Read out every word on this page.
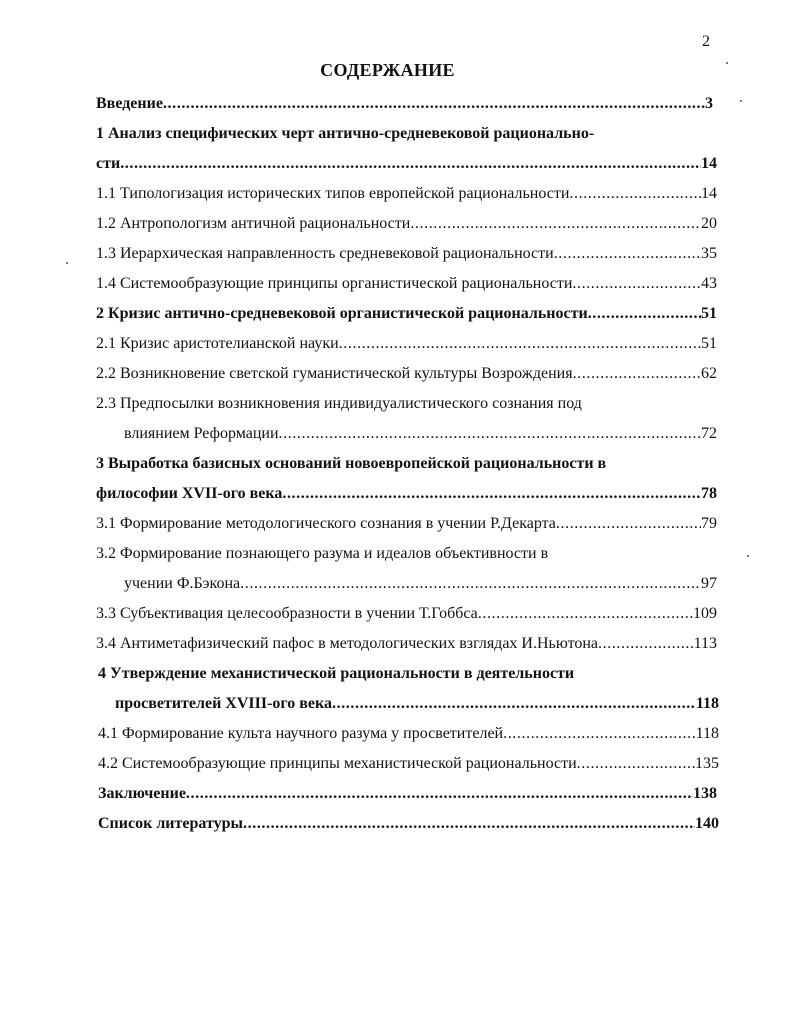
2
СОДЕРЖАНИЕ
Введение .....	3
1 Анализ специфических черт антично-средневековой рационально-
сти .....	14
1.1 Типологизация исторических типов европейской рациональности .....	14
1.2 Антропологизм античной рациональности .....	20
1.3 Иерархическая направленность средневековой рациональности .....	35
1.4 Системообразующие принципы органистической рациональности .....	43
2 Кризис антично-средневековой органистической рациональности .....	51
2.1 Кризис аристотелианской науки .....	51
2.2 Возникновение светской гуманистической культуры Возрождения .....	62
2.3 Предпосылки возникновения индивидуалистического сознания под
влиянием Реформации .....	72
3 Выработка базисных оснований новоевропейской рациональности в
философии XVII-ого века .....	78
3.1 Формирование методологического сознания в учении Р.Декарта .....	79
3.2 Формирование познающего разума и идеалов объективности в
учении Ф.Бэкона .....	97
3.3 Субъективация целесообразности в учении Т.Гоббса .....	109
3.4 Антиметафизический пафос в методологических взглядах И.Ньютона .....	113
4 Утверждение механистической рациональности в деятельности
просветителей XVIII-ого века .....	118
4.1 Формирование культа научного разума у просветителей .....	118
4.2 Системообразующие принципы механистической рациональности .....	135
Заключение .....	138
Список литературы .....	140
